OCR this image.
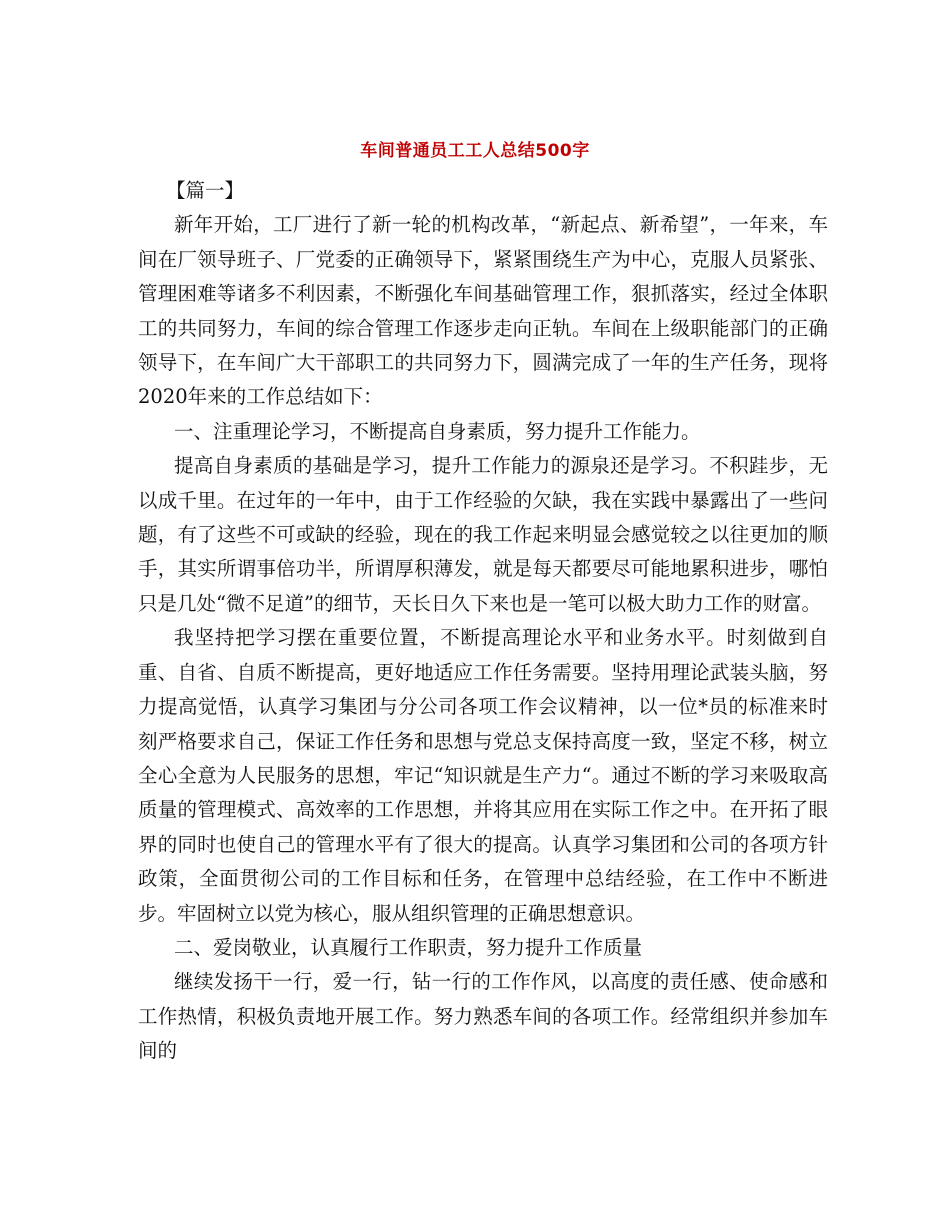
车间普通员工工人总结500字

【篇一】

新年开始，工厂进行了新一轮的机构改革，“新起点、新希望”，一年来，车间在厂领导班子、厂党委的正确领导下，紧紧围绕生产为中心，克服人员紧张、管理困难等诸多不利因素，不断强化车间基础管理工作，狠抓落实，经过全体职工的共同努力，车间的综合管理工作逐步走向正轨。车间在上级职能部门的正确领导下，在车间广大干部职工的共同努力下，圆满完成了一年的生产任务，现将2020年来的工作总结如下：

一、注重理论学习，不断提高自身素质，努力提升工作能力。

提高自身素质的基础是学习，提升工作能力的源泉还是学习。不积跬步，无以成千里。在过年的一年中，由于工作经验的欠缺，我在实践中暴露出了一些问题，有了这些不可或缺的经验，现在的我工作起来明显会感觉较之以往更加的顺手，其实所谓事倍功半，所谓厚积薄发，就是每天都要尽可能地累积进步，哪怕只是几处“微不足道”的细节，天长日久下来也是一笔可以极大助力工作的财富。

我坚持把学习摆在重要位置，不断提高理论水平和业务水平。时刻做到自重、自省、自质不断提高，更好地适应工作任务需要。坚持用理论武装头脑，努力提高觉悟，认真学习集团与分公司各项工作会议精神，以一位*员的标准来时刻严格要求自己，保证工作任务和思想与党总支保持高度一致，坚定不移，树立全心全意为人民服务的思想，牢记“知识就是生产力“。通过不断的学习来吸取高质量的管理模式、高效率的工作思想，并将其应用在实际工作之中。在开拓了眼界的同时也使自己的管理水平有了很大的提高。认真学习集团和公司的各项方针政策，全面贯彻公司的工作目标和任务，在管理中总结经验，在工作中不断进步。牢固树立以党为核心，服从组织管理的正确思想意识。

二、爱岗敬业，认真履行工作职责，努力提升工作质量

继续发扬干一行，爱一行，钻一行的工作作风，以高度的责任感、使命感和工作热情，积极负责地开展工作。努力熟悉车间的各项工作。经常组织并参加车间的
